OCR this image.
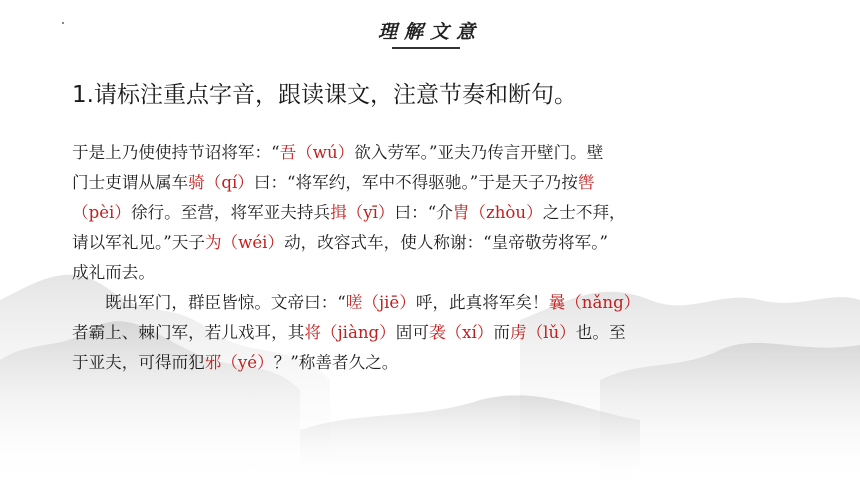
理解文意
1.请标注重点字音，跟读课文，注意节奏和断句。
于是上乃使使持节诏将军：“吾（wú）欲入劳军。”亚夫乃传言开壁门。壁
门士吏谓从属车骑（qí）曰：“将军约，军中不得驱驰。”于是天子乃按辔
（pèi）徐行。至营，将军亚夫持兵揖（yī）曰：“介胄（zhòu）之士不拜，
请以军礼见。”天子为（wéi）动，改容式车，使人称谢：“皇帝敬劳将军。”
成礼而去。
既出军门，群臣皆惊。文帝曰：“嗟（jiē）呼，此真将军矣！曩（nǎng）
者霸上、棘门军，若儿戏耳，其将（jiàng）固可袭（xí）而虏（lǔ）也。至
于亚夫，可得而犯邪（yé）？”称善者久之。
